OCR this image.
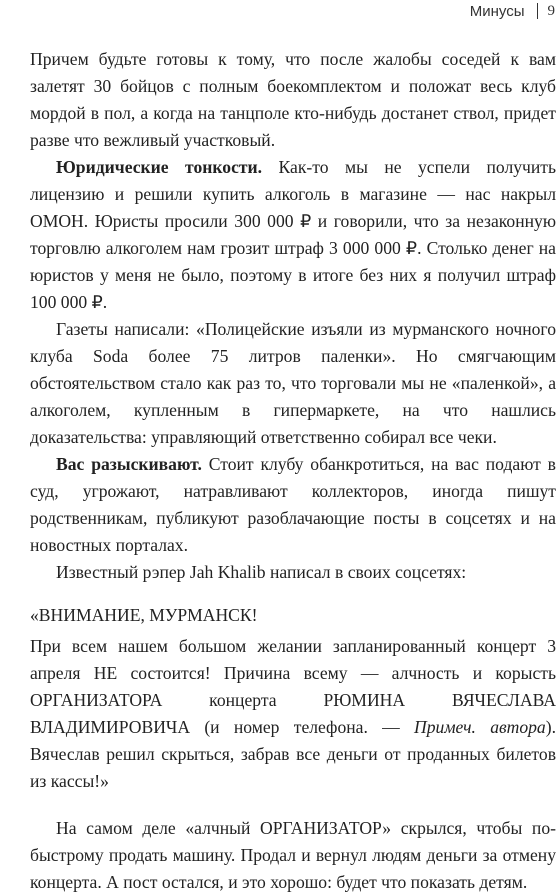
Минусы 9

Причем будьте готовы к тому, что после жалобы соседей к вам залетят 30 бойцов с полным боекомплектом и положат весь клуб мордой в пол, а когда на танцполе кто-нибудь достанет ствол, придет разве что вежливый участковый.

Юридические тонкости. Как-то мы не успели получить лицензию и решили купить алкоголь в магазине — нас накрыл ОМОН. Юристы просили 300 000 ₽ и говорили, что за незаконную торговлю алкоголем нам грозит штраф 3 000 000 ₽. Столько денег на юристов у меня не было, поэтому в итоге без них я получил штраф 100 000 ₽.

Газеты написали: «Полицейские изъяли из мурманского ночного клуба Soda более 75 литров паленки». Но смягчающим обстоятельством стало как раз то, что торговали мы не «паленкой», а алкоголем, купленным в гипермаркете, на что нашлись доказательства: управляющий ответственно собирал все чеки.

Вас разыскивают. Стоит клубу обанкротиться, на вас подают в суд, угрожают, натравливают коллекторов, иногда пишут родственникам, публикуют разоблачающие посты в соцсетях и на новостных порталах.

Известный рэпер Jah Khalib написал в своих соцсетях:

«ВНИМАНИЕ, МУРМАНСК!

При всем нашем большом желании запланированный концерт 3 апреля НЕ состоится! Причина всему — алчность и корысть ОРГАНИЗАТОРА концерта РЮМИНА ВЯЧЕСЛАВА ВЛАДИМИРОВИЧА (и номер телефона. — Примеч. автора). Вячеслав решил скрыться, забрав все деньги от проданных билетов из кассы!»

На самом деле «алчный ОРГАНИЗАТОР» скрылся, чтобы по-быстрому продать машину. Продал и вернул людям деньги за отмену концерта. А пост остался, и это хорошо: будет что показать детям.
